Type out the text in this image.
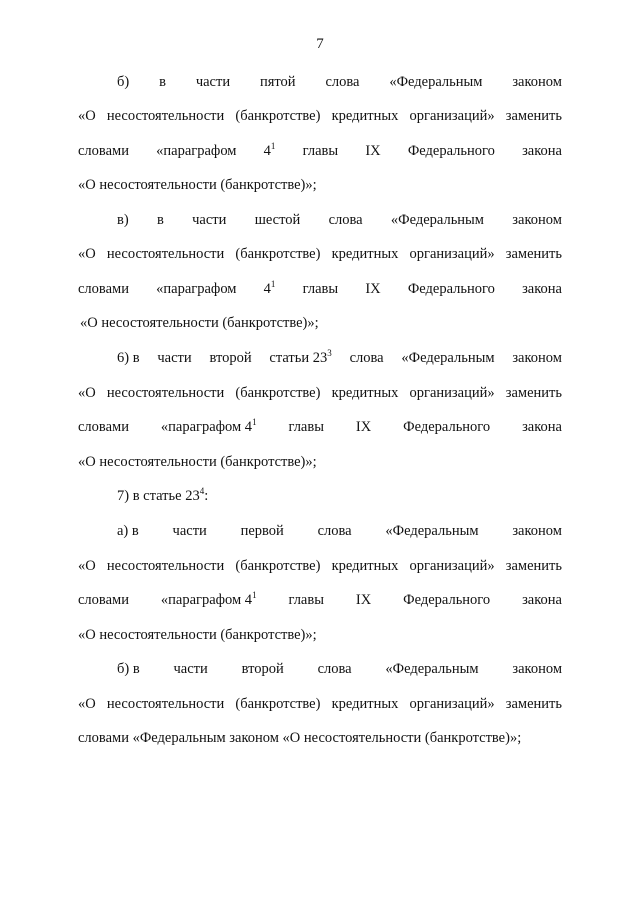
7
б) в части пятой слова «Федеральным законом
«О несостоятельности (банкротстве) кредитных организаций» заменить
словами «параграфом $4^1$ главы IX Федерального закона
«О несостоятельности (банкротстве)»;
в) в части шестой слова «Федеральным законом
«О несостоятельности (банкротстве) кредитных организаций» заменить
словами «параграфом $4^1$ главы IX Федерального закона
«О несостоятельности (банкротстве)»;
6) в части второй статьи $23^3$ слова «Федеральным законом
«О несостоятельности (банкротстве) кредитных организаций» заменить
словами «параграфом $4^1$ главы IX Федерального закона
«О несостоятельности (банкротстве)»;
7) в статье $23^4$:
а) в части первой слова «Федеральным законом
«О несостоятельности (банкротстве) кредитных организаций» заменить
словами «параграфом $4^1$ главы IX Федерального закона
«О несостоятельности (банкротстве)»;
б) в части второй слова «Федеральным законом
«О несостоятельности (банкротстве) кредитных организаций» заменить
словами «Федеральным законом «О несостоятельности (банкротстве)»;
